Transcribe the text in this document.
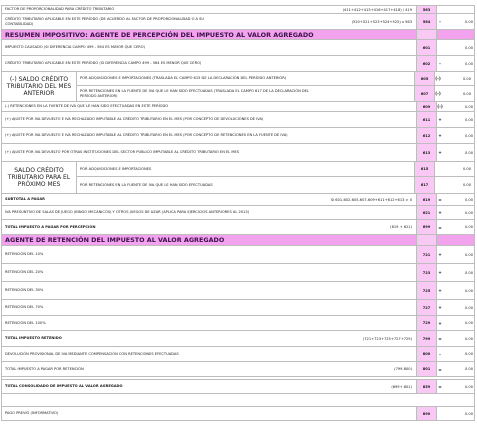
FACTOR DE PROPORCIONALIDAD PARA CRÉDITO TRIBUTARIO	(411+412+415+416+417+418) / 419	563
CRÉDITO TRIBUTARIO APLICABLE EN ESTE PERÍODO (DE ACUERDO AL FACTOR DE PROPORCIONALIDAD O A SU CONTABILIDAD)	(520+521+523+524+525) x 563	564	-	0.00
RESUMEN IMPOSITIVO: AGENTE DE PERCEPCIÓN DEL IMPUESTO AL VALOR AGREGADO
IMPUESTO CAUSADO (SI DIFERENCIA CAMPO 499 - 564 ES MAYOR QUE CERO)	601	0.00
CRÉDITO TRIBUTARIO APLICABLE EN ESTE PERÍODO (SI DIFERENCIA CAMPO 499 - 564 ES MENOR QUE CERO)	602	-	0.00
(-) SALDO CRÉDITO TRIBUTARIO DEL MES ANTERIOR
POR ADQUISICIONES E IMPORTACIONES (TRASLADA EL CAMPO 615 DE LA DECLARACIÓN DEL PERÍODO ANTERIOR)	605	(-)	0.00
POR RETENCIONES EN LA FUENTE DE IVA QUE LE HAN SIDO EFECTUADAS (TRASLADA EL CAMPO 617 DE LA DECLARACIÓN DEL PERÍODO ANTERIOR)	607	(-)	0.00
(-) RETENCIONES EN LA FUENTE DE IVA QUE LE HAN SIDO EFECTUADAS EN ESTE PERÍODO	609	(-)	0.00
(+) AJUSTE POR IVA DEVUELTO E IVA RECHAZADO IMPUTABLE AL CRÉDITO TRIBUTARIO EN EL MES (POR CONCEPTO DE DEVOLUCIONES DE IVA)	611	+	0.00
(+) AJUSTE POR IVA DEVUELTO E IVA RECHAZADO IMPUTABLE AL CRÉDITO TRIBUTARIO EN EL MES (POR CONCEPTO DE RETENCIONES EN LA FUENTE DE IVA)	612	+	0.00
(+) AJUSTE POR IVA DEVUELTO POR OTRAS INSTITUCIONES DEL SECTOR PÚBLICO IMPUTABLE AL CRÉDITO TRIBUTARIO EN EL MES	613	+	0.00
SALDO CRÉDITO TRIBUTARIO PARA EL PRÓXIMO MES
POR ADQUISICIONES E IMPORTACIONES	615	0.00
POR RETENCIONES EN LA FUENTE DE IVA QUE LE HAN SIDO EFECTUADAS	617	0.00
SUBTOTAL A PAGAR	SI 601-602-605-607-609+611+612+613 > 0	619	=	0.00
IVA PRESUNTIVO DE SALAS DE JUEGO (BINGO MECÁNICOS) Y OTROS JUEGOS DE AZAR (APLICA PARA EJERCICIOS ANTERIORES AL 2013)	621	+	0.00
TOTAL IMPUESTO A PAGAR POR PERCEPCIÓN	(619 + 621)	699	=	0.00
AGENTE DE RETENCIÓN DEL IMPUESTO AL VALOR AGREGADO
RETENCIÓN DEL 10%	721	+	0.00
RETENCIÓN DEL 20%	723	+	0.00
RETENCIÓN DEL 30%	725	+	0.00
RETENCIÓN DEL 70%	727	+	0.00
RETENCIÓN DEL 100%	729	+	0.00
TOTAL IMPUESTO RETENIDO	(721+723+725+727+729)	799	=	0.00
DEVOLUCIÓN PROVISIONAL DE IVA MEDIANTE COMPENSACIÓN CON RETENCIONES EFECTUADAS	800	-	0.00
TOTAL IMPUESTO A PAGAR POR RETENCIÓN	(799-800)	801	=	0.00
TOTAL CONSOLIDADO DE IMPUESTO AL VALOR AGREGADO	(699+ 801)	859	=	0.00
PAGO PREVIO (INFORMATIVO)	890	0.00
